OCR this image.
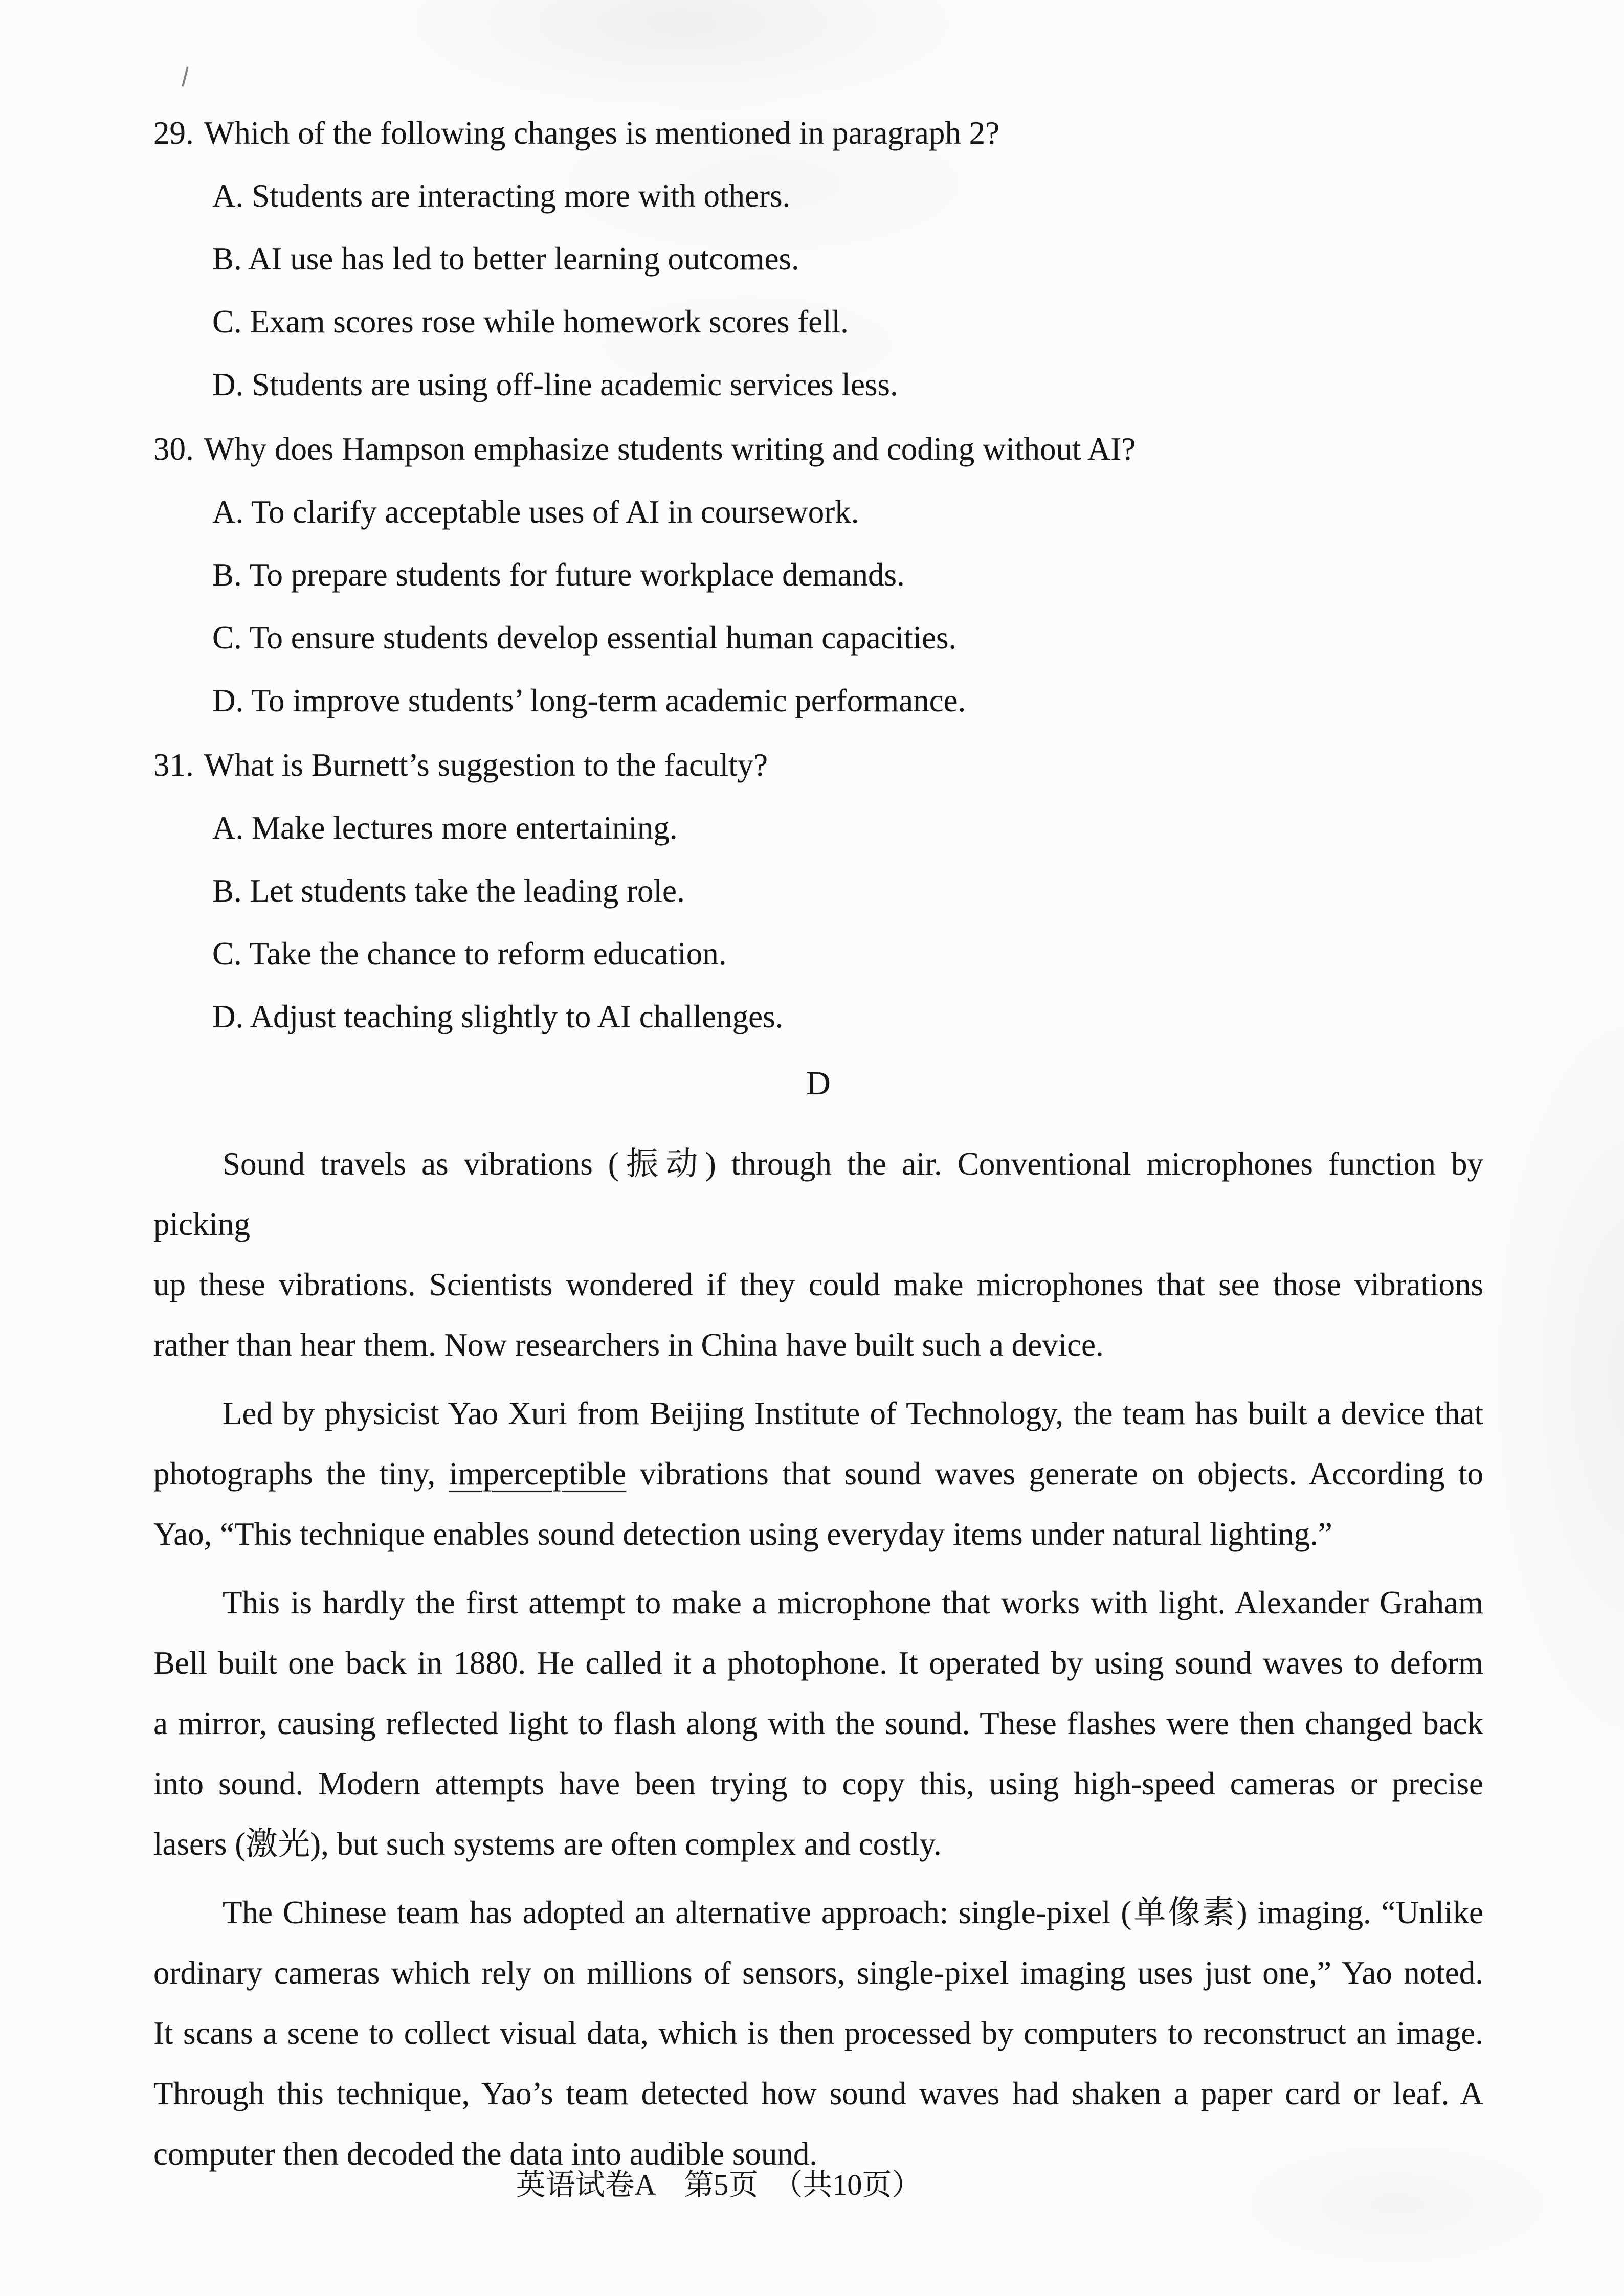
29. Which of the following changes is mentioned in paragraph 2?
A. Students are interacting more with others.
B. AI use has led to better learning outcomes.
C. Exam scores rose while homework scores fell.
D. Students are using off-line academic services less.
30. Why does Hampson emphasize students writing and coding without AI?
A. To clarify acceptable uses of AI in coursework.
B. To prepare students for future workplace demands.
C. To ensure students develop essential human capacities.
D. To improve students’ long-term academic performance.
31. What is Burnett’s suggestion to the faculty?
A. Make lectures more entertaining.
B. Let students take the leading role.
C. Take the chance to reform education.
D. Adjust teaching slightly to AI challenges.
D
Sound travels as vibrations (振动) through the air. Conventional microphones function by picking
up these vibrations. Scientists wondered if they could make microphones that see those vibrations
rather than hear them. Now researchers in China have built such a device.
Led by physicist Yao Xuri from Beijing Institute of Technology, the team has built a device that
photographs the tiny, imperceptible vibrations that sound waves generate on objects. According to
Yao, “This technique enables sound detection using everyday items under natural lighting.”
This is hardly the first attempt to make a microphone that works with light. Alexander Graham
Bell built one back in 1880. He called it a photophone. It operated by using sound waves to deform
a mirror, causing reflected light to flash along with the sound. These flashes were then changed back
into sound. Modern attempts have been trying to copy this, using high-speed cameras or precise
lasers (激光), but such systems are often complex and costly.
The Chinese team has adopted an alternative approach: single-pixel (单像素) imaging. “Unlike
ordinary cameras which rely on millions of sensors, single-pixel imaging uses just one,” Yao noted.
It scans a scene to collect visual data, which is then processed by computers to reconstruct an image.
Through this technique, Yao’s team detected how sound waves had shaken a paper card or leaf. A
computer then decoded the data into audible sound.
英语试卷A　第5页　（共10页）
